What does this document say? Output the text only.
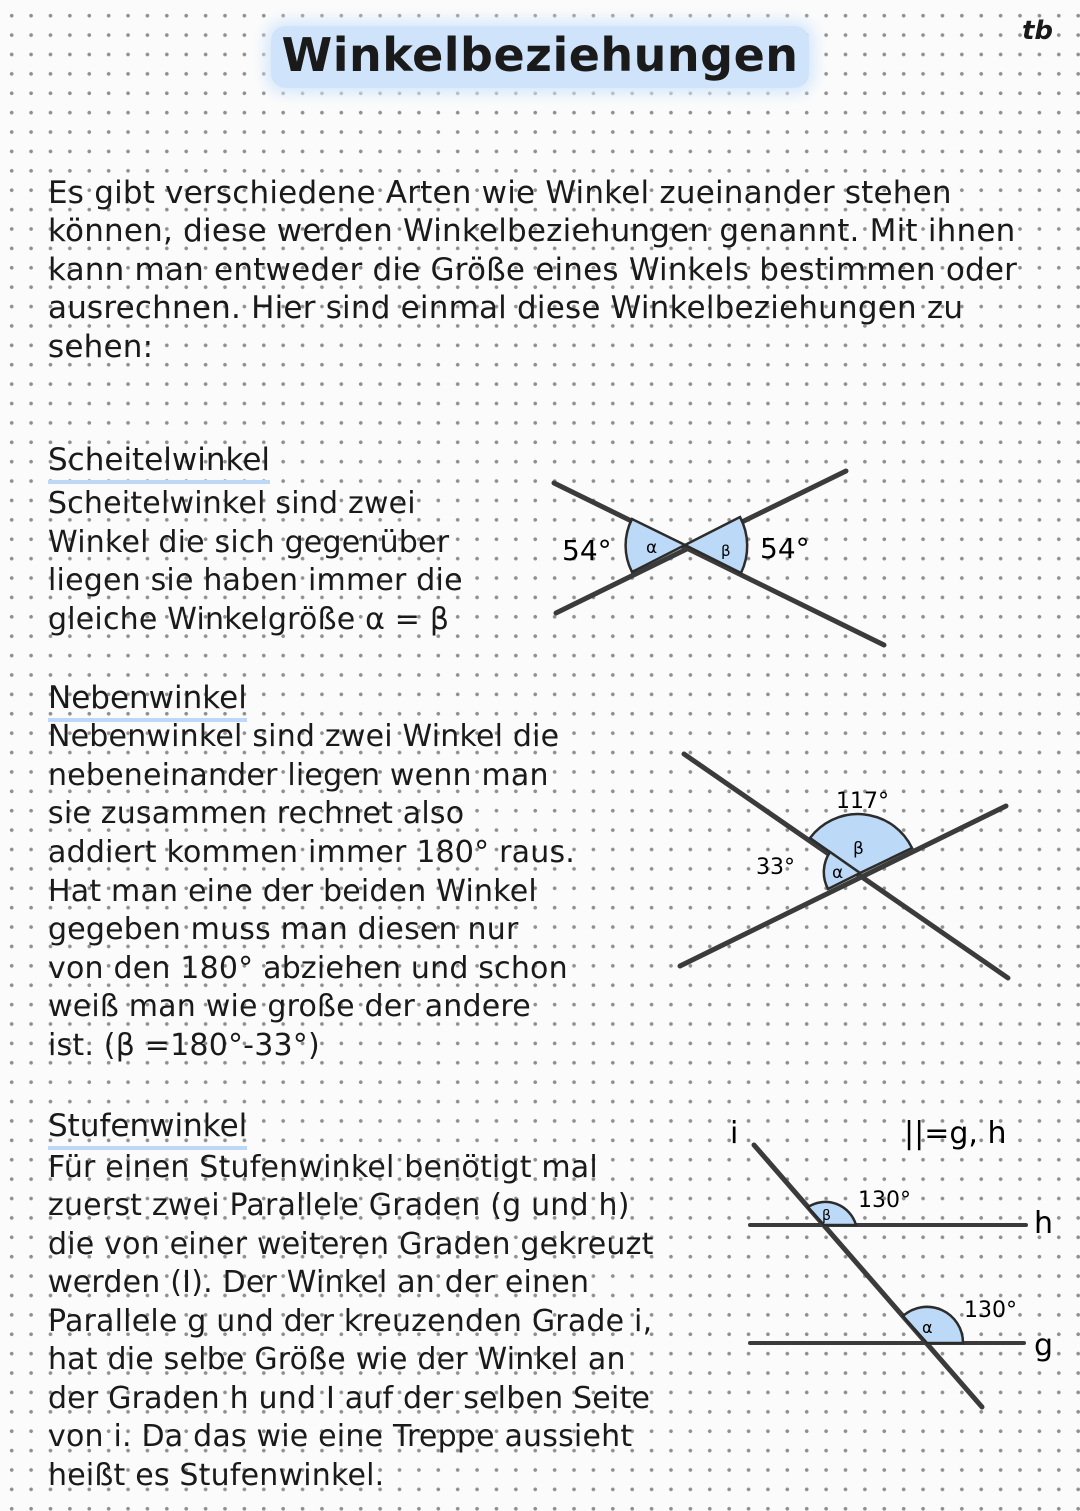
Winkelbeziehungen	tb
Es gibt verschiedene Arten wie Winkel zueinander stehen
können, diese werden Winkelbeziehungen genannt. Mit ihnen
kann man entweder die Größe eines Winkels bestimmen oder
ausrechnen. Hier sind einmal diese Winkelbeziehungen zu
sehen:
Scheitelwinkel
Scheitelwinkel sind zwei
Winkel die sich gegenüber
liegen sie haben immer die
gleiche Winkelgröße α = β
α	β
54°	54°
Nebenwinkel
Nebenwinkel sind zwei Winkel die
nebeneinander liegen wenn man
sie zusammen rechnet also
addiert kommen immer 180° raus.
Hat man eine der beiden Winkel
gegeben muss man diesen nur
von den 180° abziehen und schon
weiß man wie große der andere
ist. (β =180°-33°)
β
α
117°
33°
Stufenwinkel
Für einen Stufenwinkel benötigt mal
zuerst zwei Parallele Graden (g und h)
die von einer weiteren Graden gekreuzt
werden (I). Der Winkel an der einen
Parallele g und der kreuzenden Grade i,
hat die selbe Größe wie der Winkel an
der Graden h und I auf der selben Seite
von i. Da das wie eine Treppe aussieht
heißt es Stufenwinkel.
β
α
130°
130°
i	||=g, h
h
g
